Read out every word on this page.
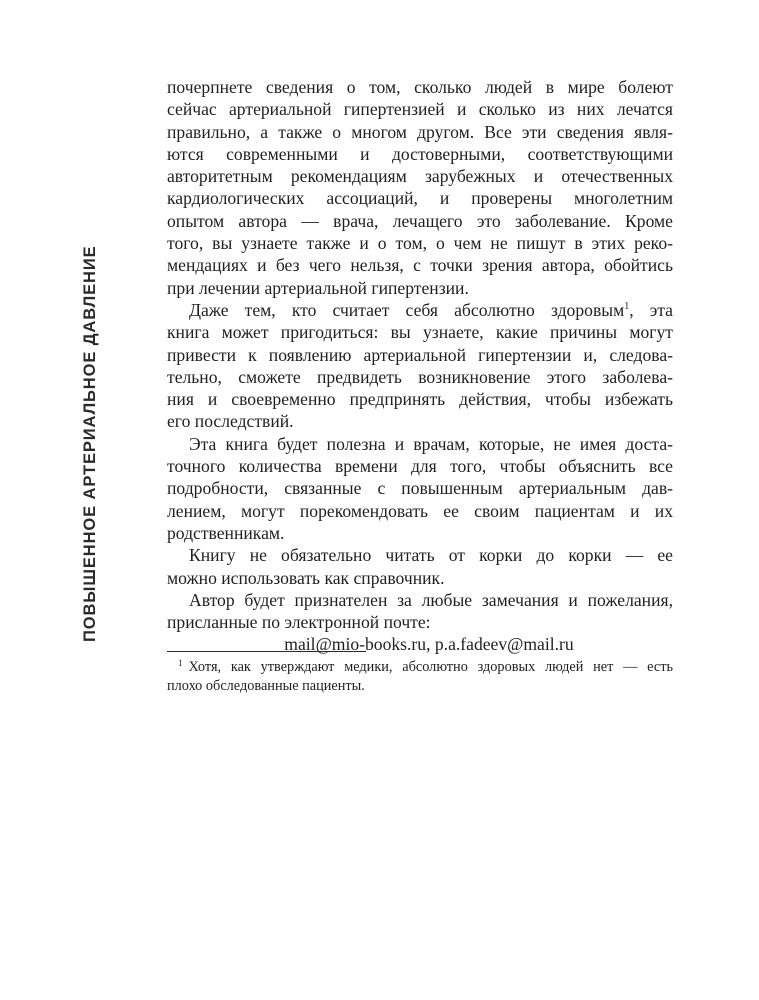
ПОВЫШЕННОЕ АРТЕРИАЛЬНОЕ ДАВЛЕНИЕ

почерпнете сведения о том, сколько людей в мире болеют
сейчас артериальной гипертензией и сколько из них лечатся
правильно, а также о многом другом. Все эти сведения явля-
ются современными и достоверными, соответствующими
авторитетным рекомендациям зарубежных и отечественных
кардиологических ассоциаций, и проверены многолетним
опытом автора — врача, лечащего это заболевание. Кроме
того, вы узнаете также и о том, о чем не пишут в этих реко-
мендациях и без чего нельзя, с точки зрения автора, обойтись
при лечении артериальной гипертензии.

Даже тем, кто считает себя абсолютно здоровым$^1$, эта
книга может пригодиться: вы узнаете, какие причины могут
привести к появлению артериальной гипертензии и, следова-
тельно, сможете предвидеть возникновение этого заболева-
ния и своевременно предпринять действия, чтобы избежать
его последствий.

Эта книга будет полезна и врачам, которые, не имея доста-
точного количества времени для того, чтобы объяснить все
подробности, связанные с повышенным артериальным дав-
лением, могут порекомендовать ее своим пациентам и их
родственникам.

Книгу не обязательно читать от корки до корки — ее
можно использовать как справочник.

Автор будет признателен за любые замечания и пожелания,
присланные по электронной почте:
mail@mio-books.ru, p.a.fadeev@mail.ru

$^1$ Хотя, как утверждают медики, абсолютно здоровых людей нет — есть
плохо обследованные пациенты.
